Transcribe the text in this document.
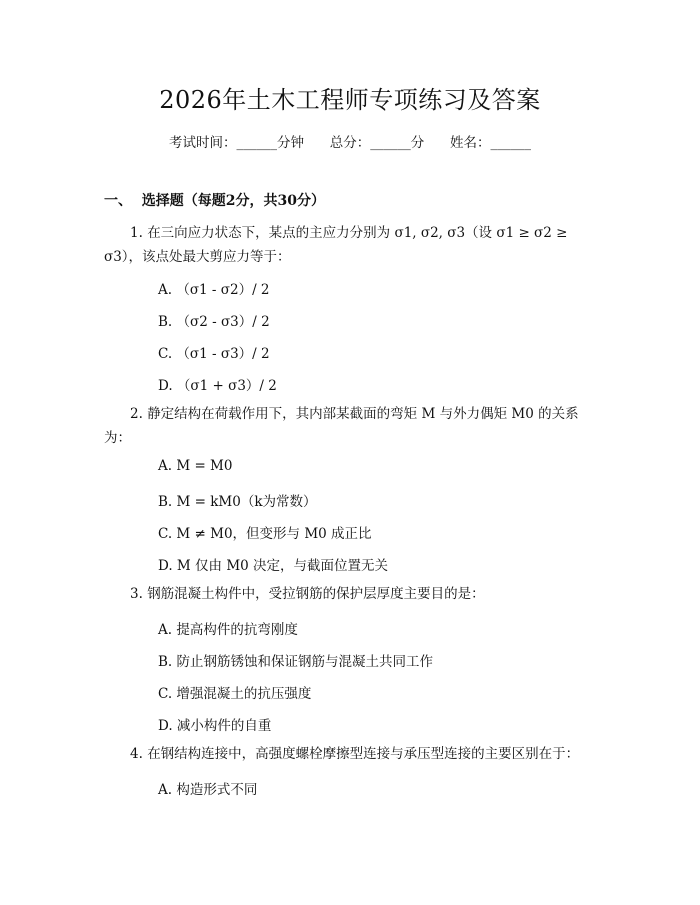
2026年土木工程师专项练习及答案
考试时间：______分钟      总分：______分      姓名：______
一、  选择题（每题2分，共30分）
1. 在三向应力状态下，某点的主应力分别为 σ1, σ2, σ3（设 σ1 ≥ σ2 ≥ σ3），该点处最大剪应力等于：
A. （σ1 - σ2）/ 2
B. （σ2 - σ3）/ 2
C. （σ1 - σ3）/ 2
D. （σ1 + σ3）/ 2
2. 静定结构在荷载作用下，其内部某截面的弯矩 M 与外力偶矩 M0 的关系为：
A. M = M0
B. M = kM0（k为常数）
C. M ≠ M0，但变形与 M0 成正比
D. M 仅由 M0 决定，与截面位置无关
3. 钢筋混凝土构件中，受拉钢筋的保护层厚度主要目的是：
A. 提高构件的抗弯刚度
B. 防止钢筋锈蚀和保证钢筋与混凝土共同工作
C. 增强混凝土的抗压强度
D. 减小构件的自重
4. 在钢结构连接中，高强度螺栓摩擦型连接与承压型连接的主要区别在于：
A. 构造形式不同
